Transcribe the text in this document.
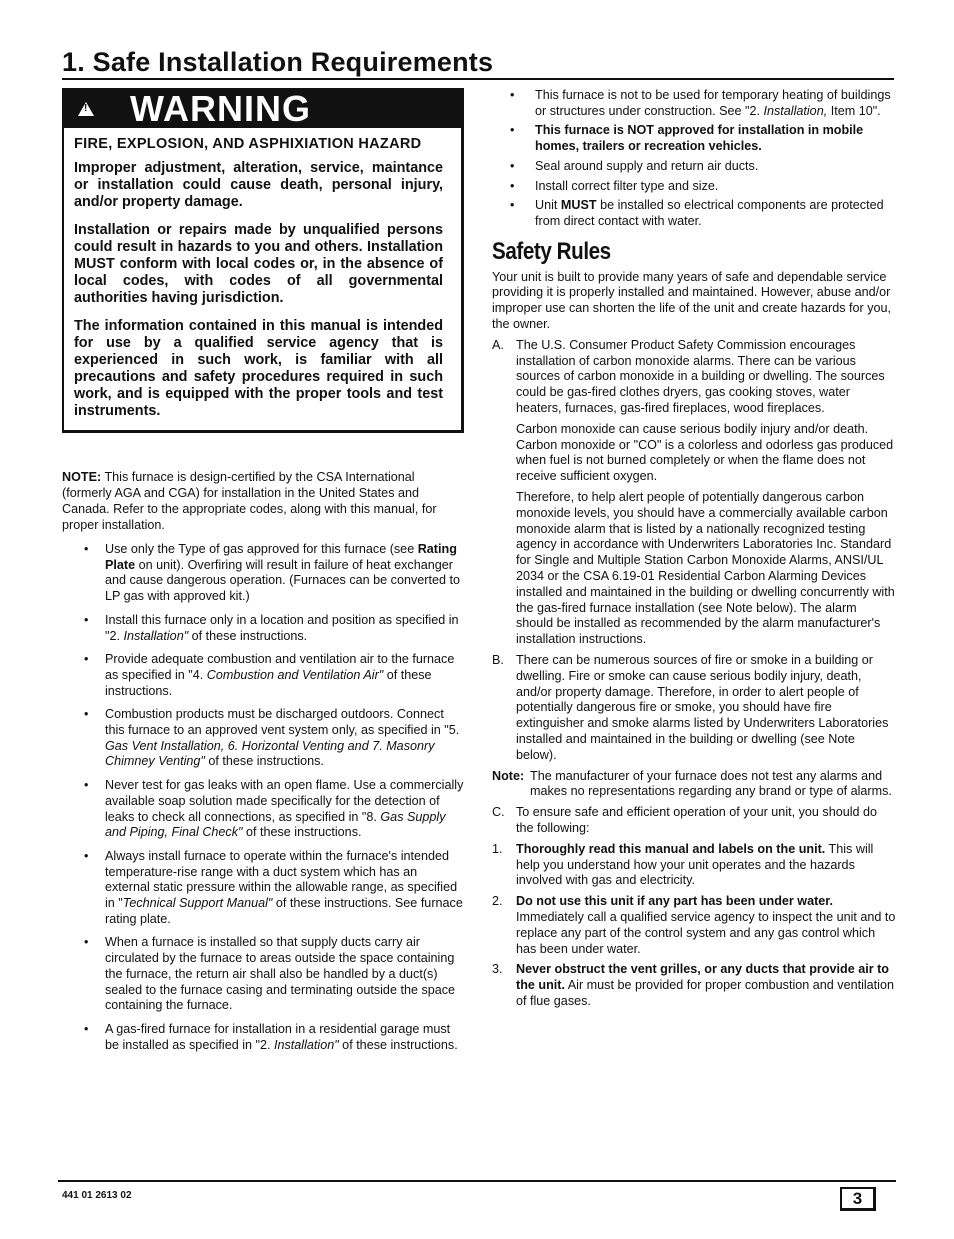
1. Safe Installation Requirements
!
WARNING
FIRE, EXPLOSION, AND ASPHIXIATION HAZARD

Improper adjustment, alteration, service, maintance or installation could cause death, personal injury, and/or property damage.

Installation or repairs made by unqualified persons could result in hazards to you and others. Installation MUST conform with local codes or, in the absence of local codes, with codes of all governmental authorities having jurisdiction.

The information contained in this manual is intended for use by a qualified service agency that is experienced in such work, is familiar with all precautions and safety procedures required in such work, and is equipped with the proper tools and test instruments.

NOTE: This furnace is design-certified by the CSA International (formerly AGA and CGA) for installation in the United States and Canada. Refer to the appropriate codes, along with this manual, for proper installation.

• Use only the Type of gas approved for this furnace (see Rating Plate on unit). Overfiring will result in failure of heat exchanger and cause dangerous operation. (Furnaces can be converted to LP gas with approved kit.)
• Install this furnace only in a location and position as specified in "2. Installation" of these instructions.
• Provide adequate combustion and ventilation air to the furnace as specified in "4. Combustion and Ventilation Air" of these instructions.
• Combustion products must be discharged outdoors. Connect this furnace to an approved vent system only, as specified in "5. Gas Vent Installation, 6. Horizontal Venting and 7. Masonry Chimney Venting" of these instructions.
• Never test for gas leaks with an open flame. Use a commercially available soap solution made specifically for the detection of leaks to check all connections, as specified in "8. Gas Supply and Piping, Final Check" of these instructions.
• Always install furnace to operate within the furnace's intended temperature-rise range with a duct system which has an external static pressure within the allowable range, as specified in "Technical Support Manual" of these instructions. See furnace rating plate.
• When a furnace is installed so that supply ducts carry air circulated by the furnace to areas outside the space containing the furnace, the return air shall also be handled by a duct(s) sealed to the furnace casing and terminating outside the space containing the furnace.
• A gas-fired furnace for installation in a residential garage must be installed as specified in "2. Installation" of these instructions.
• This furnace is not to be used for temporary heating of buildings or structures under construction. See "2. Installation, Item 10".
• This furnace is NOT approved for installation in mobile homes, trailers or recreation vehicles.
• Seal around supply and return air ducts.
• Install correct filter type and size.
• Unit MUST be installed so electrical components are protected from direct contact with water.
Safety Rules

Your unit is built to provide many years of safe and dependable service providing it is properly installed and maintained. However, abuse and/or improper use can shorten the life of the unit and create hazards for you, the owner.

A. The U.S. Consumer Product Safety Commission encourages installation of carbon monoxide alarms. There can be various sources of carbon monoxide in a building or dwelling. The sources could be gas-fired clothes dryers, gas cooking stoves, water heaters, furnaces, gas-fired fireplaces, wood fireplaces.

Carbon monoxide can cause serious bodily injury and/or death. Carbon monoxide or "CO" is a colorless and odorless gas produced when fuel is not burned completely or when the flame does not receive sufficient oxygen.

Therefore, to help alert people of potentially dangerous carbon monoxide levels, you should have a commercially available carbon monoxide alarm that is listed by a nationally recognized testing agency in accordance with Underwriters Laboratories Inc. Standard for Single and Multiple Station Carbon Monoxide Alarms, ANSI/UL 2034 or the CSA 6.19-01 Residential Carbon Alarming Devices installed and maintained in the building or dwelling concurrently with the gas-fired furnace installation (see Note below). The alarm should be installed as recommended by the alarm manufacturer's installation instructions.

B. There can be numerous sources of fire or smoke in a building or dwelling. Fire or smoke can cause serious bodily injury, death, and/or property damage. Therefore, in order to alert people of potentially dangerous fire or smoke, you should have fire extinguisher and smoke alarms listed by Underwriters Laboratories installed and maintained in the building or dwelling (see Note below).

Note: The manufacturer of your furnace does not test any alarms and makes no representations regarding any brand or type of alarms.

C. To ensure safe and efficient operation of your unit, you should do the following:

1. Thoroughly read this manual and labels on the unit. This will help you understand how your unit operates and the hazards involved with gas and electricity.

2. Do not use this unit if any part has been under water. Immediately call a qualified service agency to inspect the unit and to replace any part of the control system and any gas control which has been under water.

3. Never obstruct the vent grilles, or any ducts that provide air to the unit. Air must be provided for proper combustion and ventilation of flue gases.

441 01 2613 02	3
